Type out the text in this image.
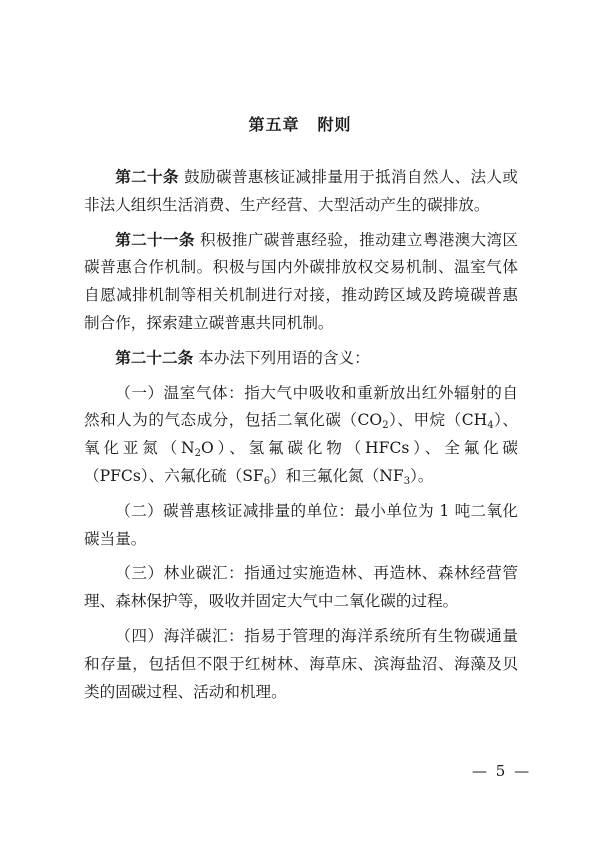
第五章 附则

第二十条 鼓励碳普惠核证减排量用于抵消自然人、法人或非法人组织生活消费、生产经营、大型活动产生的碳排放。

第二十一条 积极推广碳普惠经验，推动建立粤港澳大湾区碳普惠合作机制。积极与国内外碳排放权交易机制、温室气体自愿减排机制等相关机制进行对接，推动跨区域及跨境碳普惠制合作，探索建立碳普惠共同机制。

第二十二条 本办法下列用语的含义：

（一）温室气体：指大气中吸收和重新放出红外辐射的自然和人为的气态成分，包括二氧化碳$(CO_2)$、甲烷$(CH_4)$、氧化亚氮$(N_2O)$、氢氟碳化物（HFCs）、全氟化碳（PFCs）、六氟化硫$(SF_6)$和三氟化氮$(NF_3)$。

（二）碳普惠核证减排量的单位：最小单位为 1 吨二氧化碳当量。

（三）林业碳汇：指通过实施造林、再造林、森林经营管理、森林保护等，吸收并固定大气中二氧化碳的过程。

（四）海洋碳汇：指易于管理的海洋系统所有生物碳通量和存量，包括但不限于红树林、海草床、滨海盐沼、海藻及贝类的固碳过程、活动和机理。

— 5 —
